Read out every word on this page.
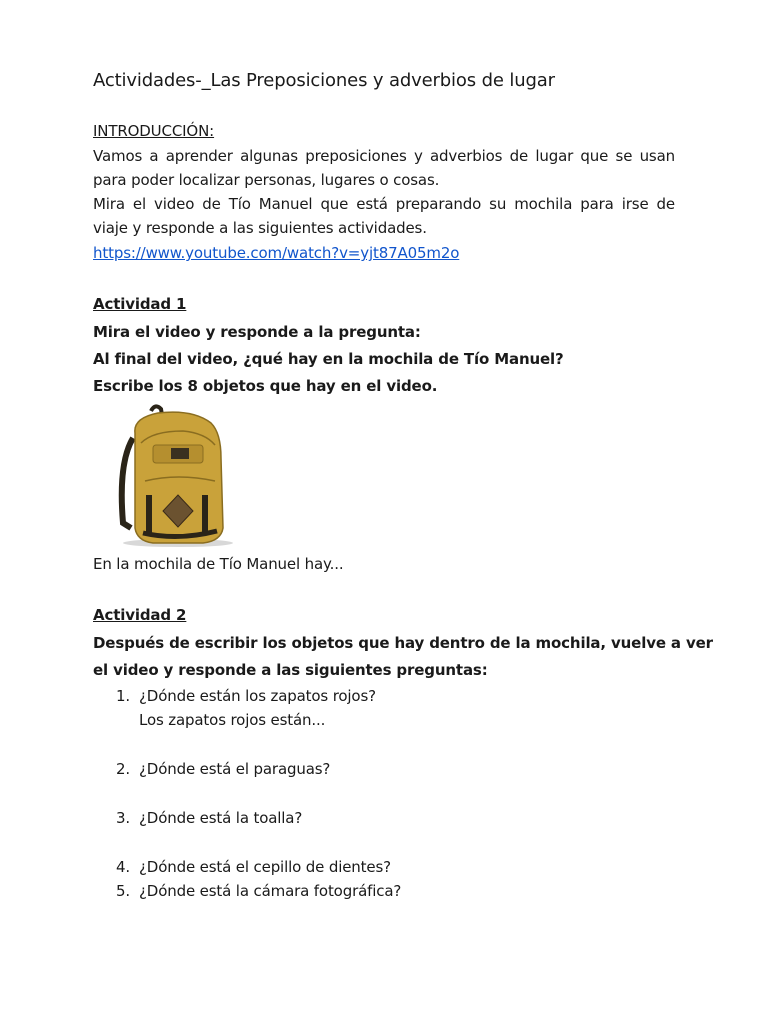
Actividades-_Las Preposiciones y adverbios de lugar

INTRODUCCIÓN:

Vamos a aprender algunas preposiciones y adverbios de lugar que se usan

para poder localizar personas, lugares o cosas.

Mira el video de Tío Manuel que está preparando su mochila para irse de

viaje y responde a las siguientes actividades.

https://www.youtube.com/watch?v=yjt87A05m2o

Actividad 1

Mira el video y responde a la pregunta:

Al final del video, ¿qué hay en la mochila de Tío Manuel?

Escribe los 8 objetos que hay en el video.

En la mochila de Tío Manuel hay...

Actividad 2

Después de escribir los objetos que hay dentro de la mochila, vuelve a ver

el video y responde a las siguientes preguntas:

1. ¿Dónde están los zapatos rojos?
Los zapatos rojos están...
2. ¿Dónde está el paraguas?
3. ¿Dónde está la toalla?
4. ¿Dónde está el cepillo de dientes?
5. ¿Dónde está la cámara fotográfica?
